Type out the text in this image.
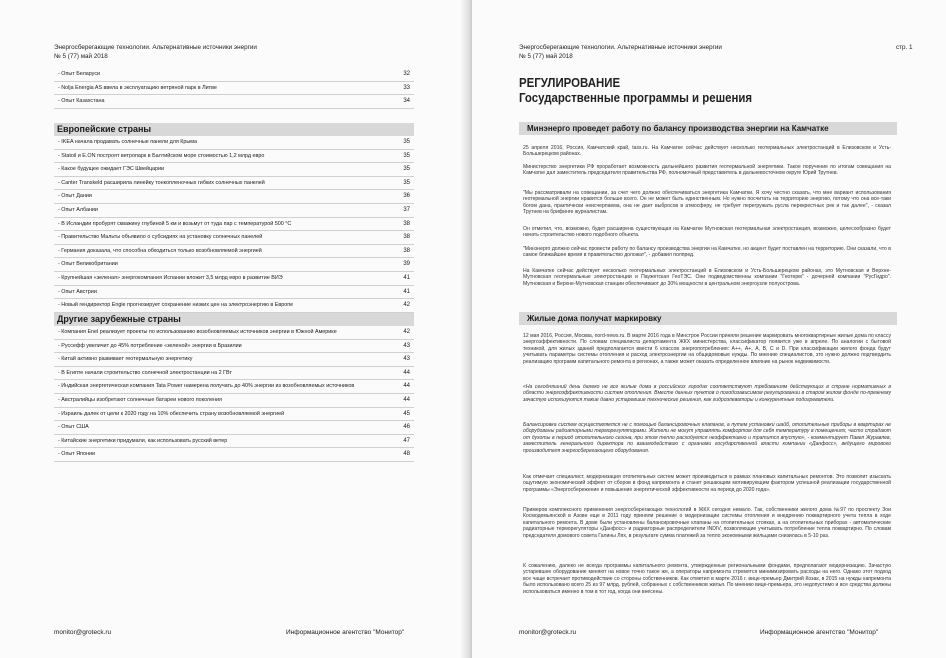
Энергосберегающие технологии. Альтернативные источники энергии
№ 5 (77) май 2018
- Опыт Беларуси	32
- Nolja Energia AS ввела в эксплуатацию ветряной парк в Литве	33
- Опыт Казахстана	34
Европейские страны
- IKEA начала продавать солнечные панели для Крыма	35
- Statoil и E.ON построят ветропарк в Балтийском море стоимостью 1,2 млрд евро	35
- Какое будущее ожидает ГЭС Швейцарии	35
- Canter Transkeld расширила линейку тонкопленочных гибких солнечных панелей	35
- Опыт Дании	36
- Опыт Албании	37
- В Исландии пробурят скважину глубиной 5 км и возьмут от туда пар с температурой 500 °C	38
- Правительство Мальты объявило о субсидиях на установку солнечных панелей	38
- Германия доказала, что способна обходиться только возобновляемой энергией	38
- Опыт Великобритании	39
- Крупнейшая «зеленая» энергокомпания Испании вложит 3,5 млрд евро в развитие ВИЭ	41
- Опыт Австрии	41
- Новый гендиректор Engie прогнозирует сохранение низких цен на электроэнергию в Европе	42
Другие зарубежные страны
- Компания Enel реализует проекты по использованию возобновляемых источников энергии в Южной Америке	42
- Руссефф увеличит до 45% потребление «зеленой» энергии в Бразилии	43
- Китай активно развивает геотермальную энергетику	43
- В Египте начали строительство солнечной электростанции на 2 ГВт	44
- Индийская энергетическая компания Tata Power намерена получать до 40% энергии из возобновляемых источников	44
- Австралийцы изобретают солнечные батареи нового поколения	44
- Израиль далек от цели к 2020 году на 10% обеспечить страну возобновляемой энергией	45
- Опыт США	46
- Китайские энергетики придумали, как использовать русский ветер	47
- Опыт Японии	48
monitor@groteck.ru	Информационное агентство "Монитор"
Энергосберегающие технологии. Альтернативные источники энергии
№ 5 (77) май 2018
стр. 1
РЕГУЛИРОВАНИЕ
Государственные программы и решения
Минэнерго проведет работу по балансу производства энергии на Камчатке
25 апреля 2016, Россия, Камчатский край, tass.ru. На Камчатке сейчас действует несколько геотермальных электростанций в Елизовском и Усть-Большерецком районах.
Министерство энергетики РФ проработает возможность дальнейшего развития геотермальной энергетики. Такое поручение по итогам совещания на Камчатке дал заместитель председателя правительства РФ, полномочный представитель в дальневосточном округе Юрий Трутнев.
"Мы рассматривали на совещании, за счет чего должно обеспечиваться энергетика Камчатки. Я хочу честно сказать, что мне вариант использования геотермальной энергии нравится больше всего. Он не может быть единственным. Но нужно посчитать на территорию энергию, потому что она все-таки богом дана, практически неисчерпаема, она не дает выбросов в атмосферу, не требует перегружать русла перекрестных рек и так далее", - сказал Трутнев на брифинге журналистам.
Он отметил, что, возможно, будет расширена существующая на Камчатке Мутновская геотермальная электростанция, возможно, целесообразно будет начать строительство нового подобного объекта.
"Минэнерго должно сейчас провести работу по балансу производства энергии на Камчатке, но акцент будет поставлен на территорию. Они сказали, что в самое ближайшее время в правительство доложат", - добавил полпред.
На Камчатке сейчас действует несколько геотермальных электростанций в Елизовском и Усть-Большерецком районах, это Мутновская и Верхне-Мутновская геотермальные электростанции и Паужетская ГеоТЭС. Они подведомственны компании "Геотерм" - дочерней компании "РусГидро". Мутновская и Верхне-Мутновская станции обеспечивают до 30% мощности в центральном энергоузле полуострова.
Жилые дома получат маркировку
12 мая 2016, Россия, Москва, nord-news.ru. В марте 2016 года в Минстрое России приняли решение маркировать многоквартирные жилые дома по классу энергоэффективности. По словам специалиста департамента ЖКХ министерства, классификатор появится уже в апреле. По аналогии с бытовой техникой, для жилых зданий предполагается ввести 6 классов энергопотребления: А++, А+, А, В, С и D. При классификации жилого фонда будут учитывать параметры системы отопления и расход электроэнергии на общедомовые нужды. По мнению специалистов, это нужно должно подтвердить реализацию программ капитального ремонта в регионах, а также может оказать определенное влияние на рынок недвижимости.
«На сегодняшний день далеко не все жилые дома в российских городах соответствуют требованиям действующих в стране нормативных в области энергоэффективности систем отопления. Вместе данных пунктов о погодозависимом регулировании в старом жилом фонде по-прежнему зачастую используются такие давно устаревшие технические решения, как гидроэлеваторы и конкурентные подогреватели.
Балансировка систем осуществляется не с помощью балансировочных клапанов, а путем установки шайб, отопительные приборы в квартирах не оборудованы радиаторными терморегуляторами. Жители не могут управлять комфортом для себя температуру в помещениях, часто страдают от духоты в период отопительного сезона, при этом тепло расходуется неэффективно и тратится впустую», - комментирует Павел Журавлев, заместитель генерального директора по взаимодействию с органами государственной власти компании «Данфосс», ведущего мирового производителя энергосберегающего оборудования.
Как отмечает специалист, модернизация отопительных систем может производиться в рамках плановых капитальных ремонтов. Это позволит изыскать ощутимую экономический эффект от сборов в фонд капремонта и станет решающим мотивирующим фактором успешной реализации государственной программы «Энергосбережение и повышение энергетической эффективности на период до 2020 года».
Примеров комплексного применения энергосберегающих технологий в ЖКХ сегодня немало. Так, собственники жилого дома №97 по проспекту Зои Космодемьянской в Азове еще в 2011 году приняли решение о модернизации системы отопления и внедрению поквартирного учета тепла в ходе капитального ремонта. В доме были установлены балансировочные клапаны на отопительных стояках, а на отопительных приборах - автоматические радиаторные терморегуляторы «Данфосс» и радиаторные распределители INDIV, позволяющие учитывать потребление тепла поквартирно. По словам председателя домового совета Галины Лях, в результате сумма платежей за тепло экономными жильцами снизилась в 5-10 раз.
К сожалению, далеко не всегда программы капитального ремонта, утвержденные региональными фондами, предполагают модернизацию. Зачастую устаревшее оборудование меняют на новое точно такое же, а операторы капремонта стремятся минимизировать расходы на него. Однако этот подход все чаще встречает противодействие со стороны собственников. Как отметил в марте 2016 г. вице-премьер Дмитрий Козак, в 2015 на нужды капремонта было использовано всего 25 из 97 млрд. рублей, собранных с собственников жилья. По мнению вице-премьера, это недопустимо и все средства должны использоваться именно в том в тот год, когда они внесены.
monitor@groteck.ru	Информационное агентство "Монитор"
